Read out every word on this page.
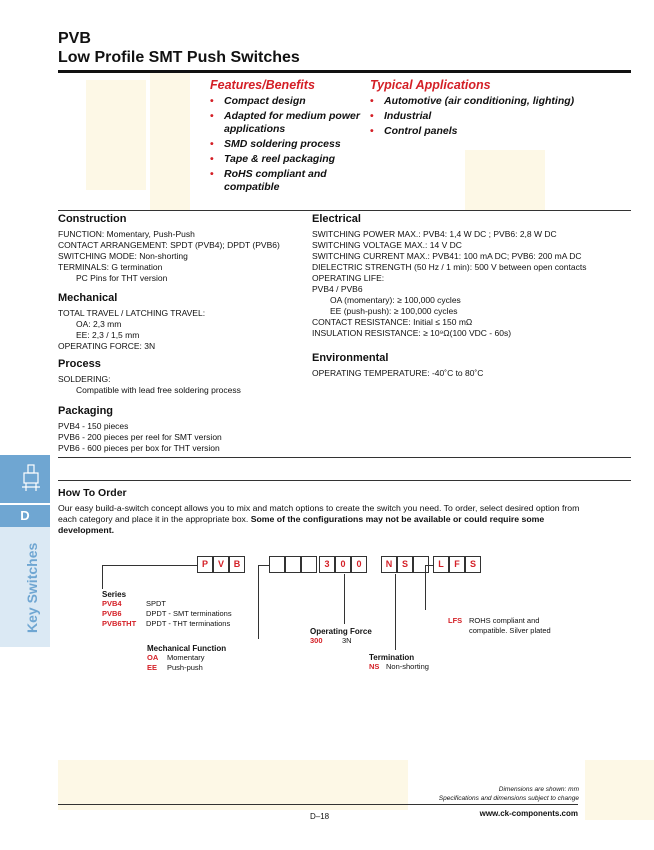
PVB
Low Profile SMT Push Switches
Features/Benefits
• Compact design
• Adapted for medium power applications
• SMD soldering process
• Tape & reel packaging
• RoHS compliant and compatible
Typical Applications
• Automotive (air conditioning, lighting)
• Industrial
• Control panels
Construction
FUNCTION: Momentary, Push-Push
CONTACT ARRANGEMENT: SPDT (PVB4); DPDT (PVB6)
SWITCHING MODE: Non-shorting
TERMINALS: G termination
PC Pins for THT version
Mechanical
TOTAL TRAVEL / LATCHING TRAVEL:
OA: 2,3 mm
EE: 2,3 / 1,5 mm
OPERATING FORCE: 3N
Process
SOLDERING:
Compatible with lead free soldering process
Packaging
PVB4 - 150 pieces
PVB6 - 200 pieces per reel for SMT version
PVB6 - 600 pieces per box for THT version
Electrical
SWITCHING POWER MAX.: PVB4: 1,4 W DC ; PVB6: 2,8 W DC
SWITCHING VOLTAGE MAX.: 14 V DC
SWITCHING CURRENT MAX.: PVB41: 100 mA DC; PVB6: 200 mA DC
DIELECTRIC STRENGTH (50 Hz / 1 min): 500 V between open contacts
OPERATING LIFE:
PVB4 / PVB6
OA (momentary): ≥ 100,000 cycles
EE (push-push): ≥ 100,000 cycles
CONTACT RESISTANCE: Initial ≤ 150 mΩ
INSULATION RESISTANCE: ≥ 10⁹Ω(100 VDC - 60s)
Environmental
OPERATING TEMPERATURE: -40˚C to 80˚C
D
Key Switches
How To Order
Our easy build-a-switch concept allows you to mix and match options to create the switch you need. To order, select desired option from each category and place it in the appropriate box. Some of the configurations may not be available or could require some development.
P	V	B	3	0	0	N	S	L	F	S
Series
PVB4	SPDT
PVB6	DPDT - SMT terminations
PVB6THT DPDT - THT terminations
Mechanical Function
OA Momentary
EE Push-push
Operating Force
300	3N
Termination
NS Non-shorting
LFS ROHS compliant and
compatible. Silver plated
Dimensions are shown: mm
Specifications and dimensions subject to change
D–18	www.ck-components.com
